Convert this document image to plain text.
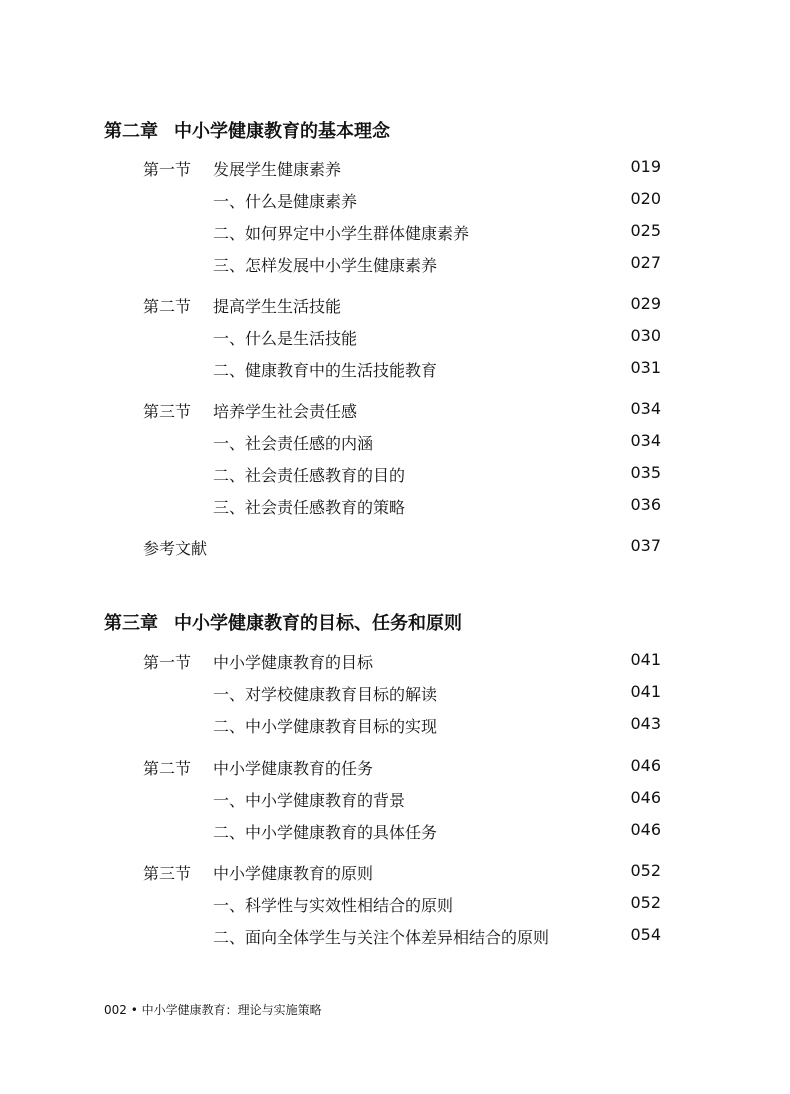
第二章 中小学健康教育的基本理念
第一节 发展学生健康素养	019
一、什么是健康素养	020
二、如何界定中小学生群体健康素养	025
三、怎样发展中小学生健康素养	027
第二节 提高学生生活技能	029
一、什么是生活技能	030
二、健康教育中的生活技能教育	031
第三节 培养学生社会责任感	034
一、社会责任感的内涵	034
二、社会责任感教育的目的	035
三、社会责任感教育的策略	036
参考文献	037
第三章 中小学健康教育的目标、任务和原则
第一节 中小学健康教育的目标	041
一、对学校健康教育目标的解读	041
二、中小学健康教育目标的实现	043
第二节 中小学健康教育的任务	046
一、中小学健康教育的背景	046
二、中小学健康教育的具体任务	046
第三节 中小学健康教育的原则	052
一、科学性与实效性相结合的原则	052
二、面向全体学生与关注个体差异相结合的原则	054
002 • 中小学健康教育：理论与实施策略
